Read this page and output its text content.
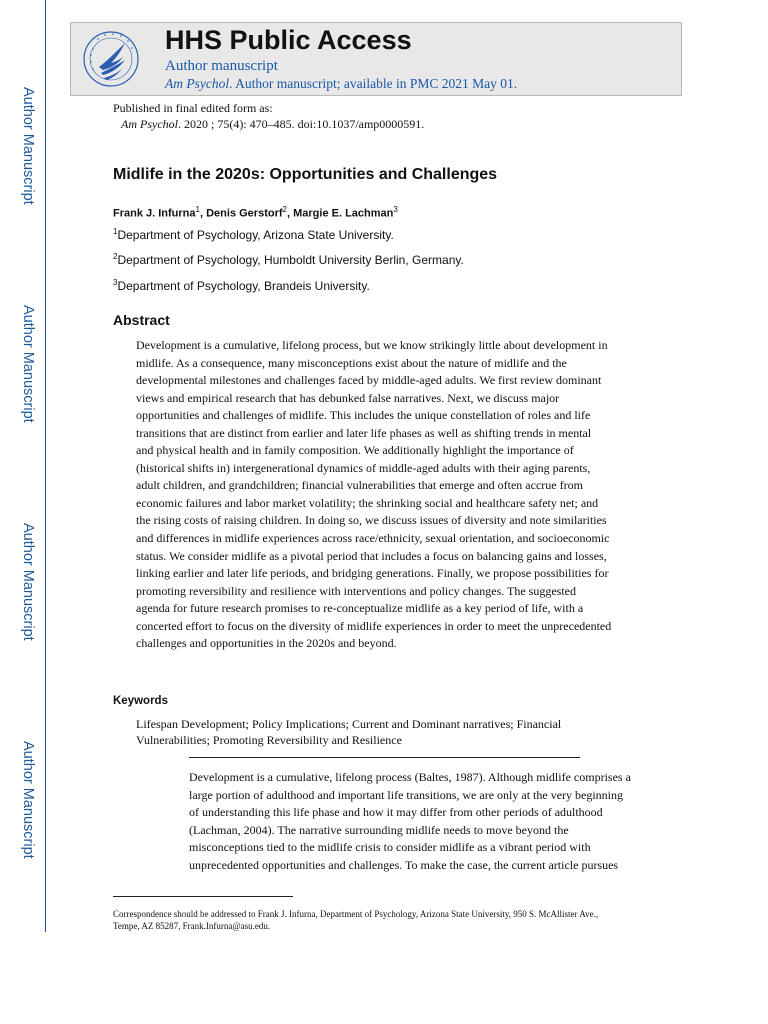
Author Manuscript
Author Manuscript
Author Manuscript
Author Manuscript
HHS Public Access
Author manuscript
Am Psychol. Author manuscript; available in PMC 2021 May 01.
Published in final edited form as:
Am Psychol. 2020 ; 75(4): 470–485. doi:10.1037/amp0000591.
Midlife in the 2020s: Opportunities and Challenges
Frank J. Infurna$^1$, Denis Gerstorf$^2$, Margie E. Lachman$^3$
$^1$Department of Psychology, Arizona State University.
$^2$Department of Psychology, Humboldt University Berlin, Germany.
$^3$Department of Psychology, Brandeis University.
Abstract
Development is a cumulative, lifelong process, but we know strikingly little about development in
midlife. As a consequence, many misconceptions exist about the nature of midlife and the
developmental milestones and challenges faced by middle-aged adults. We first review dominant
views and empirical research that has debunked false narratives. Next, we discuss major
opportunities and challenges of midlife. This includes the unique constellation of roles and life
transitions that are distinct from earlier and later life phases as well as shifting trends in mental
and physical health and in family composition. We additionally highlight the importance of
(historical shifts in) intergenerational dynamics of middle-aged adults with their aging parents,
adult children, and grandchildren; financial vulnerabilities that emerge and often accrue from
economic failures and labor market volatility; the shrinking social and healthcare safety net; and
the rising costs of raising children. In doing so, we discuss issues of diversity and note similarities
and differences in midlife experiences across race/ethnicity, sexual orientation, and socioeconomic
status. We consider midlife as a pivotal period that includes a focus on balancing gains and losses,
linking earlier and later life periods, and bridging generations. Finally, we propose possibilities for
promoting reversibility and resilience with interventions and policy changes. The suggested
agenda for future research promises to re-conceptualize midlife as a key period of life, with a
concerted effort to focus on the diversity of midlife experiences in order to meet the unprecedented
challenges and opportunities in the 2020s and beyond.
Keywords
Lifespan Development; Policy Implications; Current and Dominant narratives; Financial
Vulnerabilities; Promoting Reversibility and Resilience
Development is a cumulative, lifelong process (Baltes, 1987). Although midlife comprises a
large portion of adulthood and important life transitions, we are only at the very beginning
of understanding this life phase and how it may differ from other periods of adulthood
(Lachman, 2004). The narrative surrounding midlife needs to move beyond the
misconceptions tied to the midlife crisis to consider midlife as a vibrant period with
unprecedented opportunities and challenges. To make the case, the current article pursues
Correspondence should be addressed to Frank J. Infurna, Department of Psychology, Arizona State University, 950 S. McAllister Ave.,
Tempe, AZ 85287, Frank.Infurna@asu.edu.
